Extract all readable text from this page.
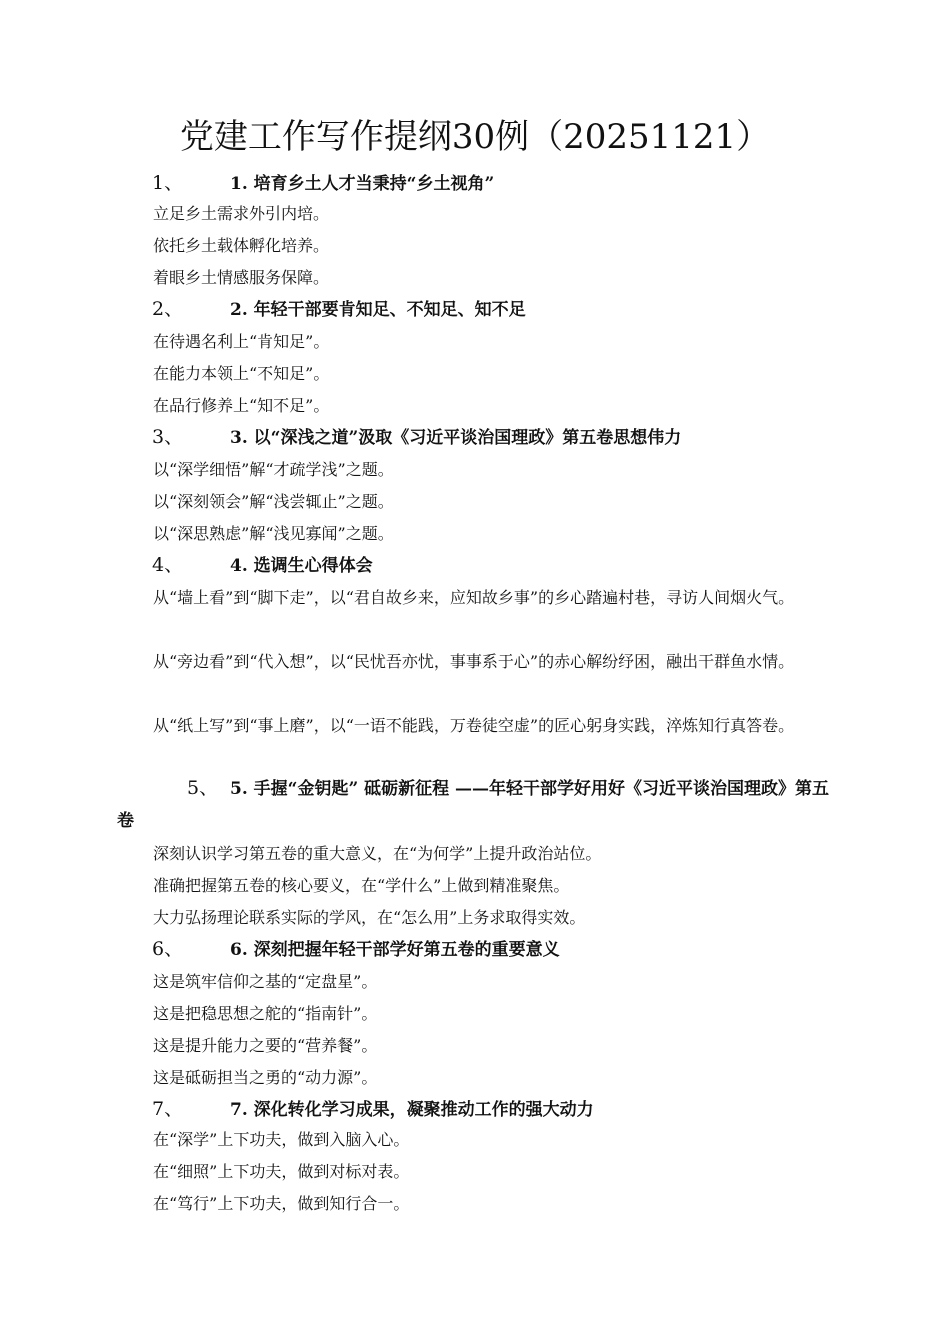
党建工作写作提纲30例（20251121）
1、	1. 培育乡土人才当秉持“乡土视角”
立足乡土需求外引内培。
依托乡土载体孵化培养。
着眼乡土情感服务保障。
2、	2. 年轻干部要肯知足、不知足、知不足
在待遇名利上“肯知足”。
在能力本领上“不知足”。
在品行修养上“知不足”。
3、	3. 以“深浅之道”汲取《习近平谈治国理政》第五卷思想伟力
以“深学细悟”解“才疏学浅”之题。
以“深刻领会”解“浅尝辄止”之题。
以“深思熟虑”解“浅见寡闻”之题。
4、	4. 选调生心得体会
从“墙上看”到“脚下走”，以“君自故乡来，应知故乡事”的乡心踏遍村巷，寻访人间烟火气。
从“旁边看”到“代入想”，以“民忧吾亦忧，事事系于心”的赤心解纷纾困，融出干群鱼水情。
从“纸上写”到“事上磨”，以“一语不能践，万卷徒空虚”的匠心躬身实践，淬炼知行真答卷。
5、 5. 手握“金钥匙” 砥砺新征程 ——年轻干部学好用好《习近平谈治国理政》第五卷
深刻认识学习第五卷的重大意义，在“为何学”上提升政治站位。
准确把握第五卷的核心要义，在“学什么”上做到精准聚焦。
大力弘扬理论联系实际的学风，在“怎么用”上务求取得实效。
6、	6. 深刻把握年轻干部学好第五卷的重要意义
这是筑牢信仰之基的“定盘星”。
这是把稳思想之舵的“指南针”。
这是提升能力之要的“营养餐”。
这是砥砺担当之勇的“动力源”。
7、	7. 深化转化学习成果，凝聚推动工作的强大动力
在“深学”上下功夫，做到入脑入心。
在“细照”上下功夫，做到对标对表。
在“笃行”上下功夫，做到知行合一。
